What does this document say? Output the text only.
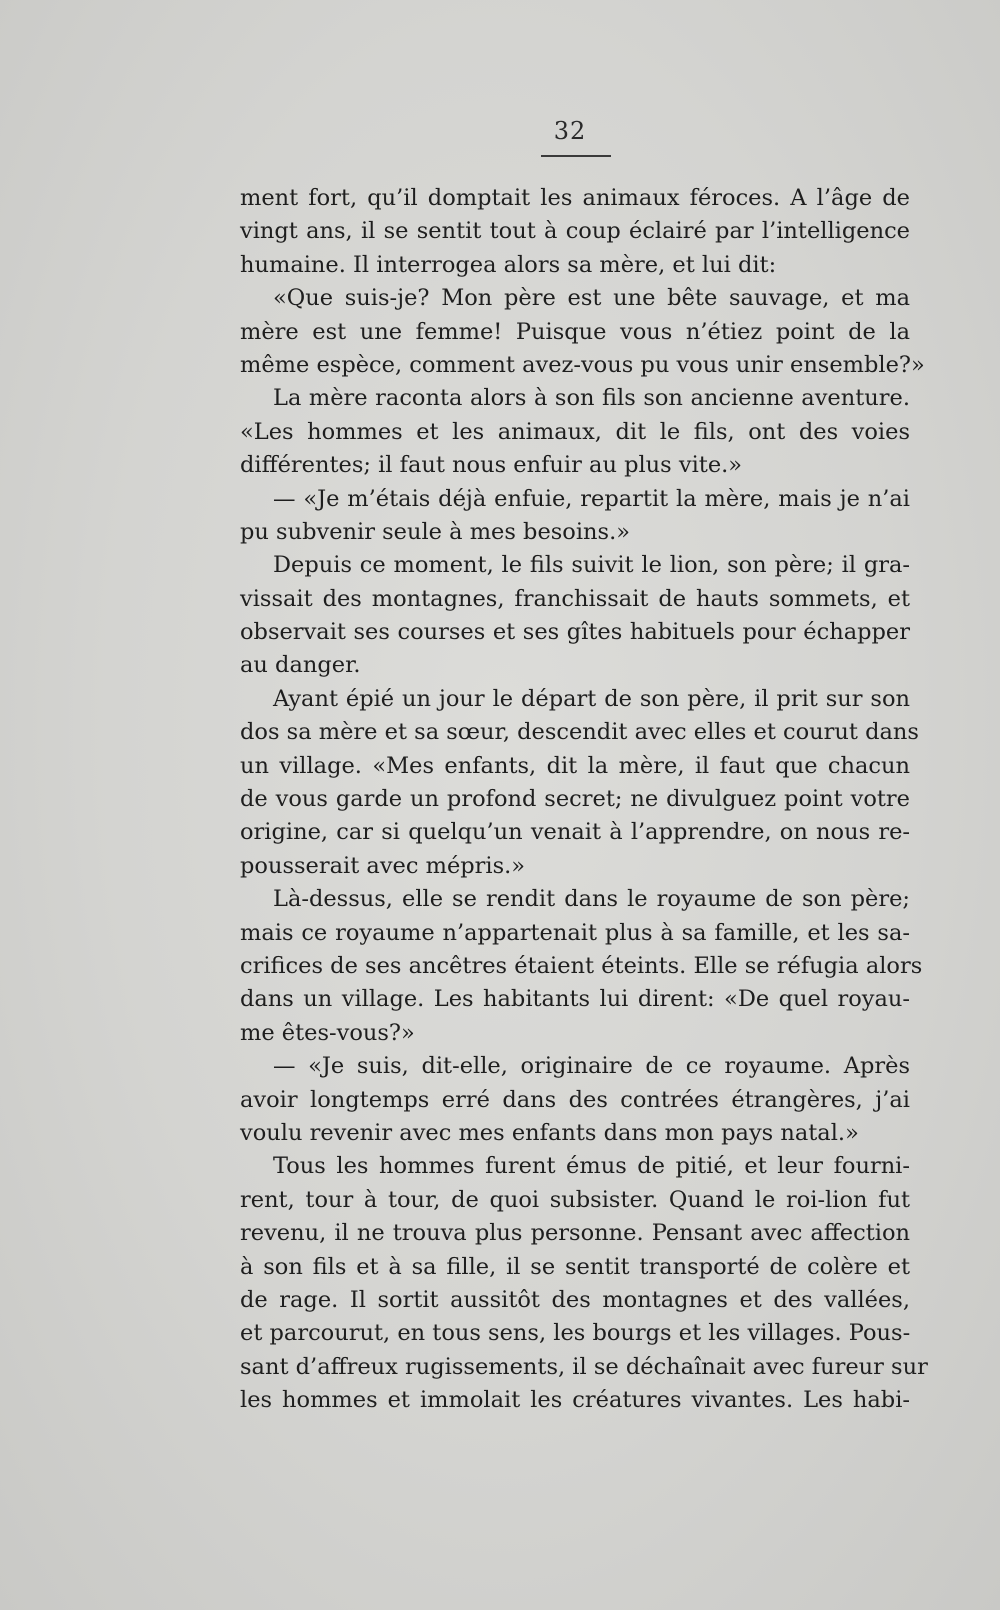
32
ment fort, qu’il domptait les animaux féroces. A l’âge de
vingt ans, il se sentit tout à coup éclairé par l’intelligence
humaine. Il interrogea alors sa mère, et lui dit:
«Que suis-je? Mon père est une bête sauvage, et ma
mère est une femme! Puisque vous n’étiez point de la
même espèce, comment avez-vous pu vous unir ensemble?»
La mère raconta alors à son fils son ancienne aventure.
«Les hommes et les animaux, dit le fils, ont des voies
différentes; il faut nous enfuir au plus vite.»
— «Je m’étais déjà enfuie, repartit la mère, mais je n’ai
pu subvenir seule à mes besoins.»
Depuis ce moment, le fils suivit le lion, son père; il gra-
vissait des montagnes, franchissait de hauts sommets, et
observait ses courses et ses gîtes habituels pour échapper
au danger.
Ayant épié un jour le départ de son père, il prit sur son
dos sa mère et sa sœur, descendit avec elles et courut dans
un village. «Mes enfants, dit la mère, il faut que chacun
de vous garde un profond secret; ne divulguez point votre
origine, car si quelqu’un venait à l’apprendre, on nous re-
pousserait avec mépris.»
Là-dessus, elle se rendit dans le royaume de son père;
mais ce royaume n’appartenait plus à sa famille, et les sa-
crifices de ses ancêtres étaient éteints. Elle se réfugia alors
dans un village. Les habitants lui dirent: «De quel royau-
me êtes-vous?»
— «Je suis, dit-elle, originaire de ce royaume. Après
avoir longtemps erré dans des contrées étrangères, j’ai
voulu revenir avec mes enfants dans mon pays natal.»
Tous les hommes furent émus de pitié, et leur fourni-
rent, tour à tour, de quoi subsister. Quand le roi-lion fut
revenu, il ne trouva plus personne. Pensant avec affection
à son fils et à sa fille, il se sentit transporté de colère et
de rage. Il sortit aussitôt des montagnes et des vallées,
et parcourut, en tous sens, les bourgs et les villages. Pous-
sant d’affreux rugissements, il se déchaînait avec fureur sur
les hommes et immolait les créatures vivantes. Les habi-
